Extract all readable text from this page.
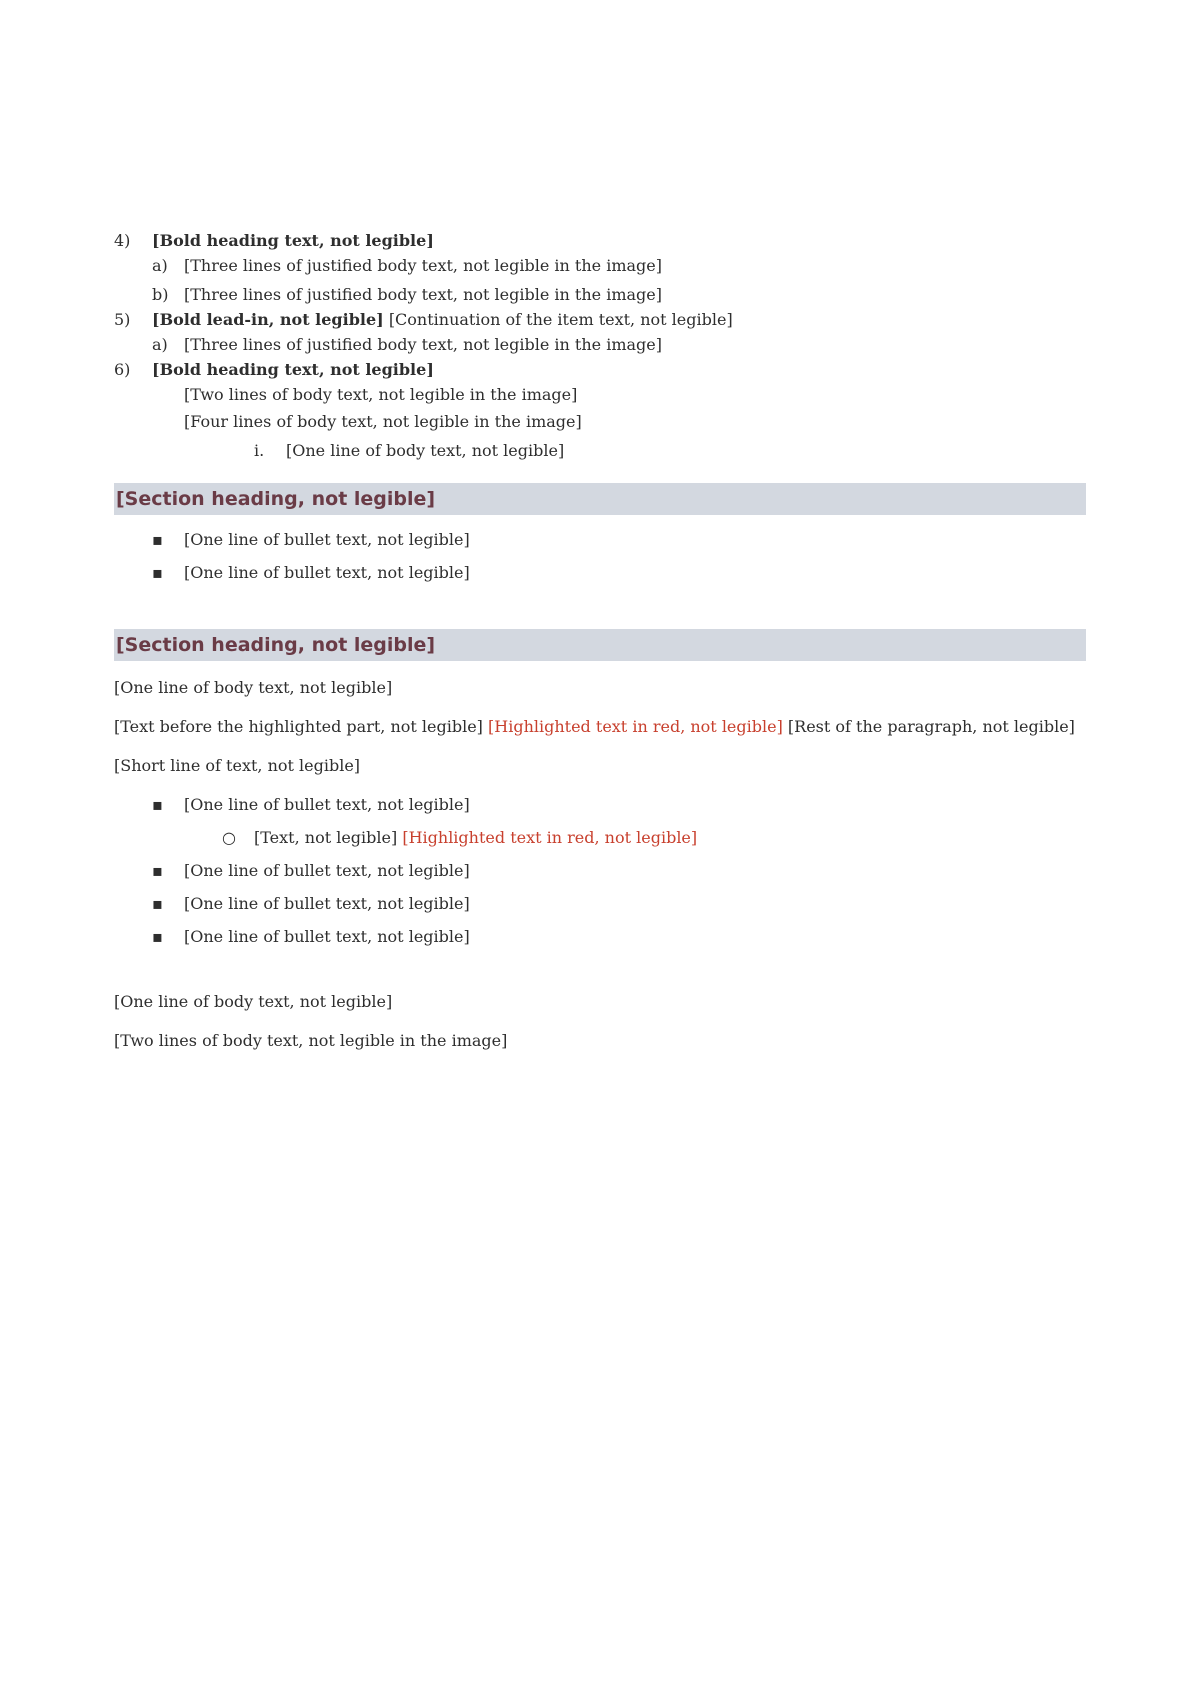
4)	[Bold heading text, not legible]
a)	[Three lines of justified body text, not legible in the image]
b) [Three lines of justified body text, not legible in the image]
5)	[Bold lead-in, not legible] [Continuation of the item text, not legible]
a)	[Three lines of justified body text, not legible in the image]
6)	[Bold heading text, not legible]
[Two lines of body text, not legible in the image]
[Four lines of body text, not legible in the image]
i.	[One line of body text, not legible]
[Section heading, not legible]
▪	[One line of bullet text, not legible]
▪	[One line of bullet text, not legible]
[Section heading, not legible]
[One line of body text, not legible]
[Text before the highlighted part, not legible] [Highlighted text in red, not legible] [Rest of the paragraph, not legible]
[Short line of text, not legible]
▪	[One line of bullet text, not legible]
○	[Text, not legible] [Highlighted text in red, not legible]
▪	[One line of bullet text, not legible]
▪	[One line of bullet text, not legible]
▪	[One line of bullet text, not legible]
[One line of body text, not legible]
[Two lines of body text, not legible in the image]
